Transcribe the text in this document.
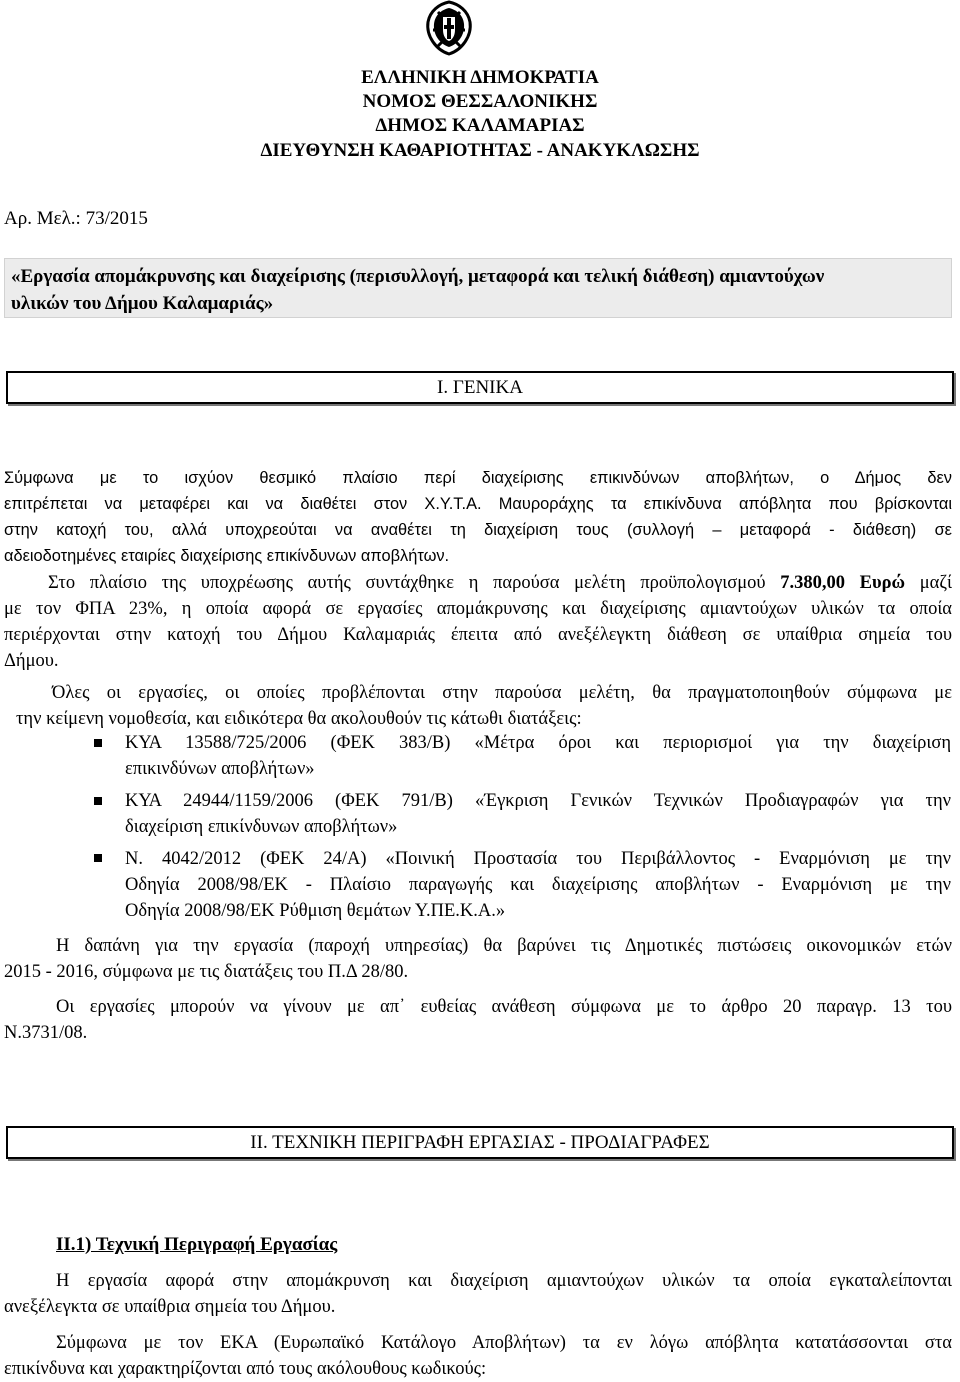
ΕΛΛΗΝΙΚΗ ΔΗΜΟΚΡΑΤΙΑ
ΝΟΜΟΣ ΘΕΣΣΑΛΟΝΙΚΗΣ
ΔΗΜΟΣ ΚΑΛΑΜΑΡΙΑΣ
ΔΙΕΥΘΥΝΣΗ ΚΑΘΑΡΙΟΤΗΤΑΣ - ΑΝΑΚΥΚΛΩΣΗΣ
Αρ. Μελ.: 73/2015
«Εργασία απομάκρυνσης και διαχείρισης (περισυλλογή, μεταφορά και τελική διάθεση) αμιαντούχων
υλικών του Δήμου Καλαμαριάς»
Ι. ΓΕΝΙΚΑ
Σύμφωνα με το ισχύον θεσμικό πλαίσιο περί διαχείρισης επικινδύνων αποβλήτων, ο Δήμος δεν
επιτρέπεται να μεταφέρει και να διαθέτει στον Χ.Υ.Τ.Α. Μαυροράχης τα επικίνδυνα απόβλητα που βρίσκονται
στην κατοχή του, αλλά υποχρεούται να αναθέτει τη διαχείριση τους (συλλογή – μεταφορά - διάθεση) σε
αδειοδοτημένες εταιρίες διαχείρισης επικίνδυνων αποβλήτων.
Στο πλαίσιο της υποχρέωσης αυτής συντάχθηκε η παρούσα μελέτη προϋπολογισμού 7.380,00 Ευρώ μαζί
με τον ΦΠΑ 23%, η οποία αφορά σε εργασίες απομάκρυνσης και διαχείρισης αμιαντούχων υλικών τα οποία
περιέρχονται στην κατοχή του Δήμου Καλαμαριάς έπειτα από ανεξέλεγκτη διάθεση σε υπαίθρια σημεία του
Δήμου.
Όλες οι εργασίες, οι οποίες προβλέπονται στην παρούσα μελέτη, θα πραγματοποιηθούν σύμφωνα με
την κείμενη νομοθεσία, και ειδικότερα θα ακολουθούν τις κάτωθι διατάξεις:
ΚΥΑ 13588/725/2006 (ΦΕΚ 383/Β) «Μέτρα όροι και περιορισμοί για την διαχείριση
επικινδύνων αποβλήτων»
ΚΥΑ 24944/1159/2006 (ΦΕΚ 791/Β) «Έγκριση Γενικών Τεχνικών Προδιαγραφών για την
διαχείριση επικίνδυνων αποβλήτων»
Ν. 4042/2012 (ΦΕΚ 24/Α) «Ποινική Προστασία του Περιβάλλοντος - Εναρμόνιση με την
Οδηγία 2008/98/ΕΚ - Πλαίσιο παραγωγής και διαχείρισης αποβλήτων - Εναρμόνιση με την
Οδηγία 2008/98/ΕΚ Ρύθμιση θεμάτων Υ.ΠΕ.Κ.Α.»
Η δαπάνη για την εργασία (παροχή υπηρεσίας) θα βαρύνει τις Δημοτικές πιστώσεις οικονομικών ετών
2015 - 2016, σύμφωνα με τις διατάξεις του Π.Δ 28/80.
Οι εργασίες μπορούν να γίνουν με απ᾽ ευθείας ανάθεση σύμφωνα με το άρθρο 20 παραγρ. 13 του
Ν.3731/08.
ΙΙ. ΤΕΧΝΙΚΗ ΠΕΡΙΓΡΑΦΗ ΕΡΓΑΣΙΑΣ - ΠΡΟΔΙΑΓΡΑΦΕΣ
ΙΙ.1) Τεχνική Περιγραφή Εργασίας
Η εργασία αφορά στην απομάκρυνση και διαχείριση αμιαντούχων υλικών τα οποία εγκαταλείπονται
ανεξέλεγκτα σε υπαίθρια σημεία του Δήμου.
Σύμφωνα με τον ΕΚΑ (Ευρωπαϊκό Κατάλογο Αποβλήτων) τα εν λόγω απόβλητα κατατάσσονται στα
επικίνδυνα και χαρακτηρίζονται από τους ακόλουθους κωδικούς:
